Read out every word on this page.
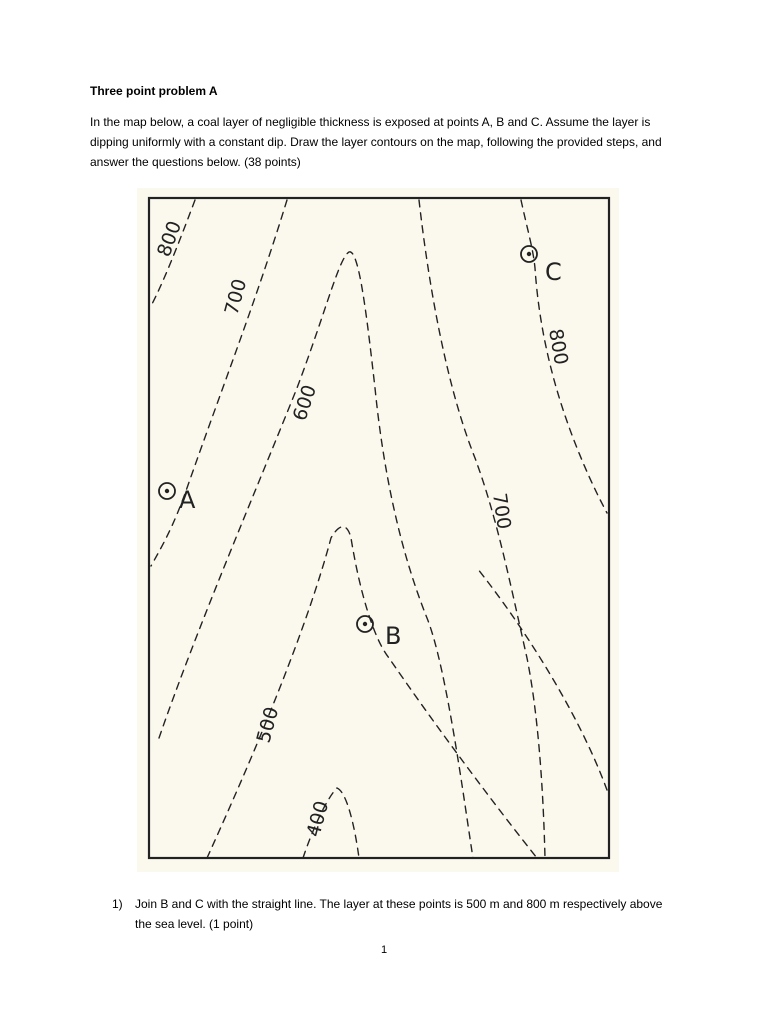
Three point problem A
In the map below, a coal layer of negligible thickness is exposed at points A, B and C. Assume the layer is dipping uniformly with a constant dip. Draw the layer contours on the map, following the provided steps, and answer the questions below. (38 points)
800
700
600
800
700
500
400
A
B
C
1)	Join B and C with the straight line. The layer at these points is 500 m and 800 m respectively above the sea level. (1 point)
1
